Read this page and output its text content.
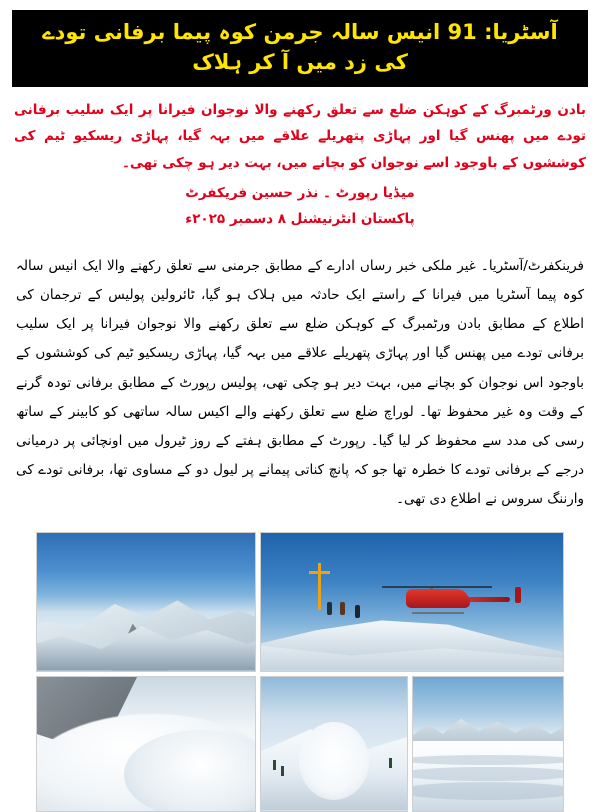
آسٹریا: 19 انیس سالہ جرمن کوہ پیما برفانی تودے کی زد میں آ کر ہلاک
بادن ورٹمبرگ کے کوہکن ضلع سے تعلق رکھنے والا نوجوان فیرانا پر ایک سلیب برفانی تودے میں پھنس گیا اور پہاڑی پتھریلے علاقے میں بہہ گیا، پہاڑی ریسکیو ٹیم کی کوششوں کے باوجود اسے نوجوان کو بچانے میں، بہت دیر ہو چکی تھی۔
میڈیا رپورٹ ۔ نذر حسین فریکفرٹ
پاکستان انٹرنیشنل ۸ دسمبر ۲۰۲۵ء
فرینکفرٹ/آسٹریا۔ غیر ملکی خبر رساں ادارے کے مطابق جرمنی سے تعلق رکھنے والا ایک انیس سالہ کوہ پیما آسٹریا میں فیرانا کے راستے ایک حادثہ میں ہلاک ہو گیا، ٹائرولین پولیس کے ترجمان کی اطلاع کے مطابق بادن ورٹمبرگ کے کوہکن ضلع سے تعلق رکھنے والا نوجوان فیرانا پر ایک سلیب برفانی تودے میں پھنس گیا اور پہاڑی پتھریلے علاقے میں بہہ گیا، پہاڑی ریسکیو ٹیم کی کوششوں کے باوجود اس نوجوان کو بچانے میں، بہت دیر ہو چکی تھی، پولیس رپورٹ کے مطابق برفانی تودہ گرنے کے وقت وہ غیر محفوظ تھا۔ لوراچ ضلع سے تعلق رکھنے والے اکیس سالہ ساتھی کو کابینر کے ساتھ رسی کی مدد سے محفوظ کر لیا گیا۔ رپورٹ کے مطابق ہفتے کے روز ٹیرول میں اونچائی پر درمیانی درجے کے برفانی تودے کا خطرہ تھا جو کہ پانچ کناتی پیمانے پر لیول دو کے مساوی تھا، برفانی تودے کی وارننگ سروس نے اطلاع دی تھی۔
